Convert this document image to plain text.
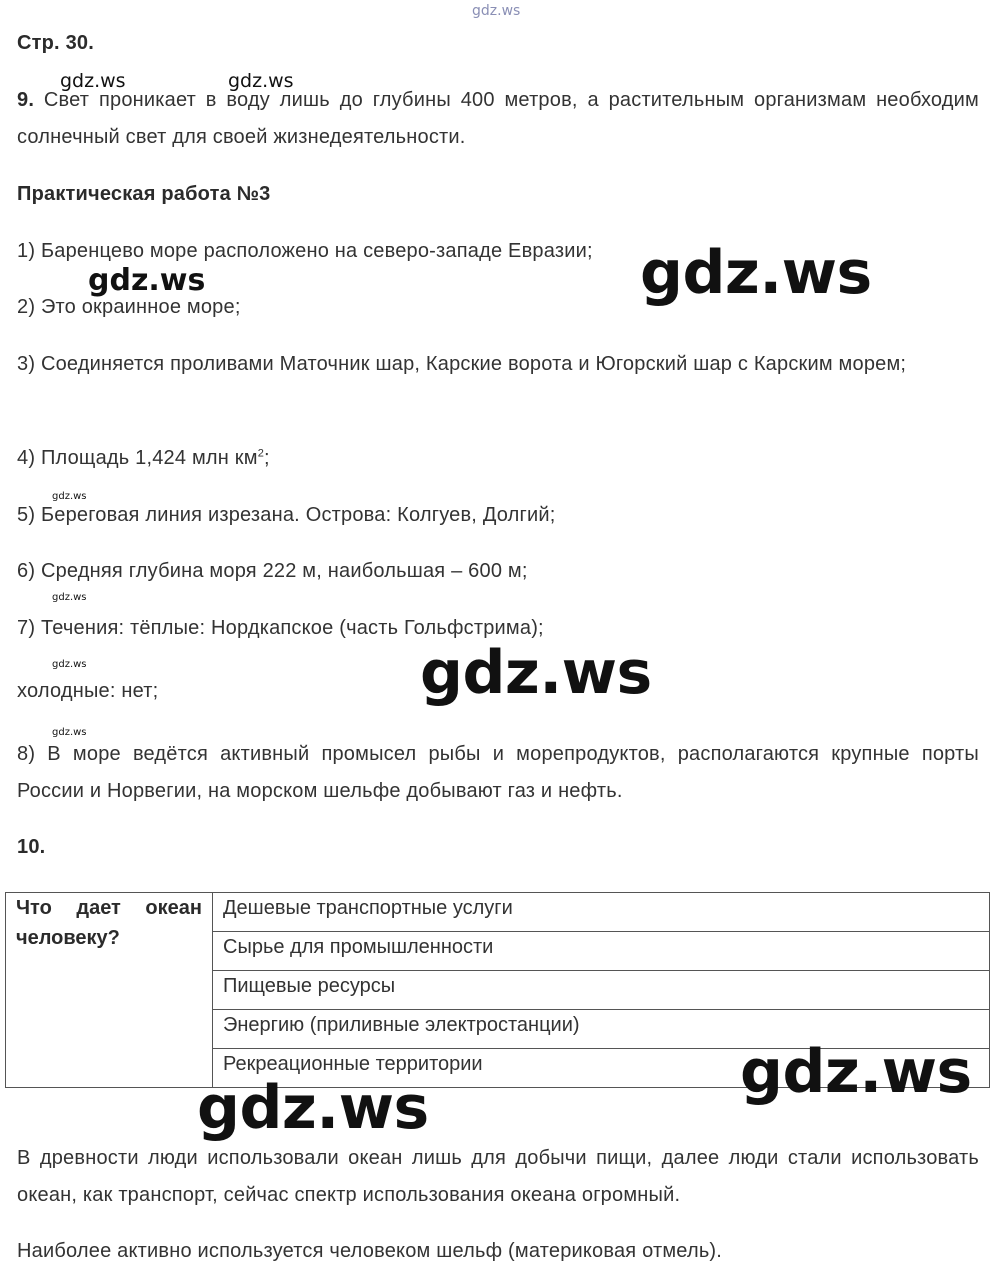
Стр. 30.

9. Свет проникает в воду лишь до глубины 400 метров, а растительным организмам необходим солнечный свет для своей жизнедеятельности.

Практическая работа №3

1) Баренцево море расположено на северо-западе Евразии;

2) Это окраинное море;

3) Соединяется проливами Маточник шар, Карские ворота и Югорский шар с Карским морем;

4) Площадь 1,424 млн $км^2$;

5) Береговая линия изрезана. Острова: Колгуев, Долгий;

6) Средняя глубина моря 222 м, наибольшая – 600 м;

7) Течения: тёплые: Нордкапское (часть Гольфстрима);

холодные: нет;

8) В море ведётся активный промысел рыбы и морепродуктов, располагаются крупные порты России и Норвегии, на морском шельфе добывают газ и нефть.

10.

Что дает океан человеку?	Дешевые транспортные услуги
Сырье для промышленности
Пищевые ресурсы
Энергию (приливные электростанции)
Рекреационные территории

В древности люди использовали океан лишь для добычи пищи, далее люди стали использовать океан, как транспорт, сейчас спектр использования океана огромный.

Наиболее активно используется человеком шельф (материковая отмель).

gdz.ws
gdz.ws	gdz.ws
gdz.ws
gdz.ws
gdz.ws
gdz.ws
gdz.ws
gdz.ws
gdz.ws
gdz.ws
gdz.ws
